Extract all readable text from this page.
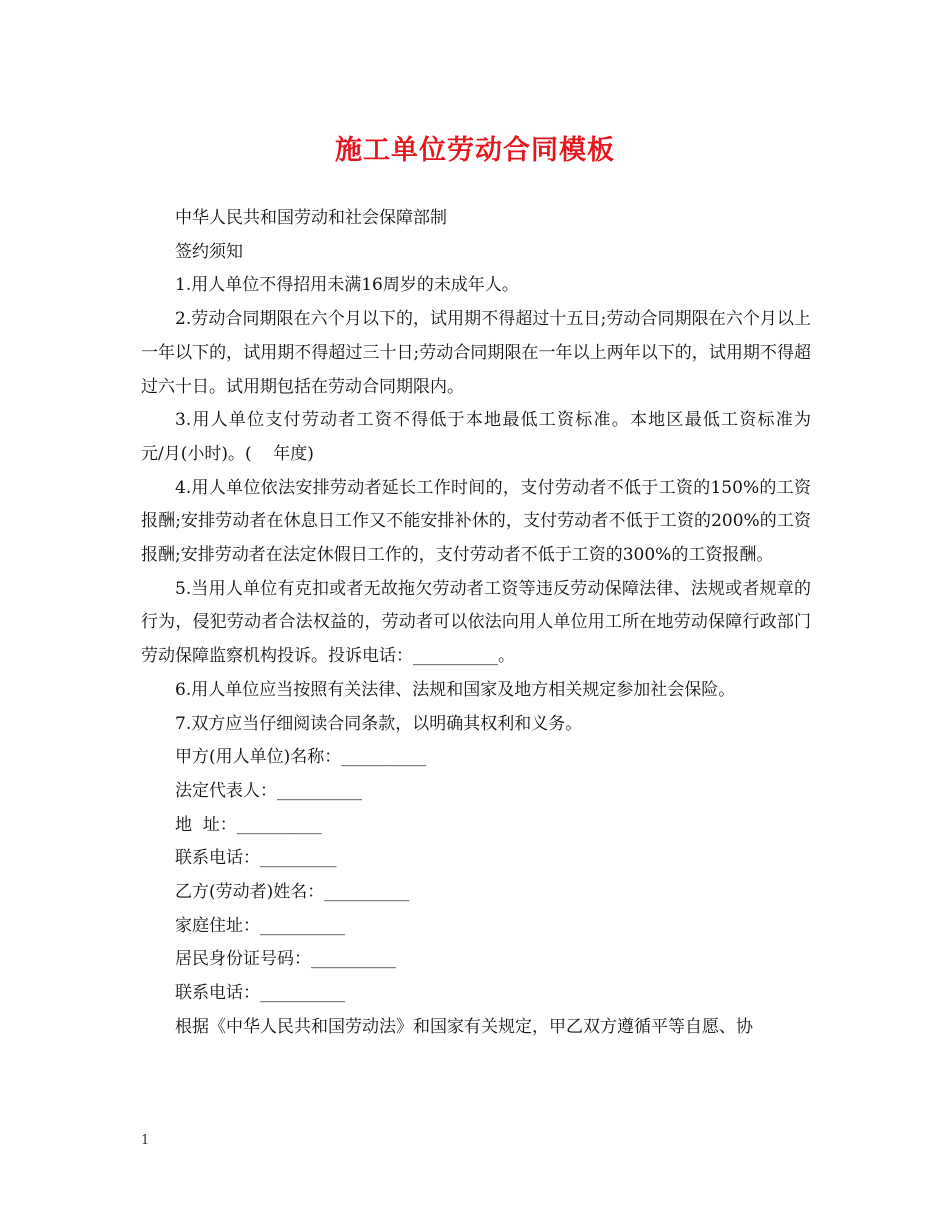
施工单位劳动合同模板

中华人民共和国劳动和社会保障部制

签约须知

1.用人单位不得招用未满16周岁的未成年人。

2.劳动合同期限在六个月以下的，试用期不得超过十五日;劳动合同期限在六个月以上一年以下的，试用期不得超过三十日;劳动合同期限在一年以上两年以下的，试用期不得超过六十日。试用期包括在劳动合同期限内。

3.用人单位支付劳动者工资不得低于本地最低工资标准。本地区最低工资标准为      元/月(小时)。(    年度)

4.用人单位依法安排劳动者延长工作时间的，支付劳动者不低于工资的150%的工资报酬;安排劳动者在休息日工作又不能安排补休的，支付劳动者不低于工资的200%的工资报酬;安排劳动者在法定休假日工作的，支付劳动者不低于工资的300%的工资报酬。

5.当用人单位有克扣或者无故拖欠劳动者工资等违反劳动保障法律、法规或者规章的行为，侵犯劳动者合法权益的，劳动者可以依法向用人单位用工所在地劳动保障行政部门劳动保障监察机构投诉。投诉电话：__________。

6.用人单位应当按照有关法律、法规和国家及地方相关规定参加社会保险。

7.双方应当仔细阅读合同条款，以明确其权利和义务。

甲方(用人单位)名称：__________

法定代表人：__________

地  址：__________

联系电话：_________

乙方(劳动者)姓名：__________

家庭住址：__________

居民身份证号码：__________

联系电话：__________

根据《中华人民共和国劳动法》和国家有关规定，甲乙双方遵循平等自愿、协

1
